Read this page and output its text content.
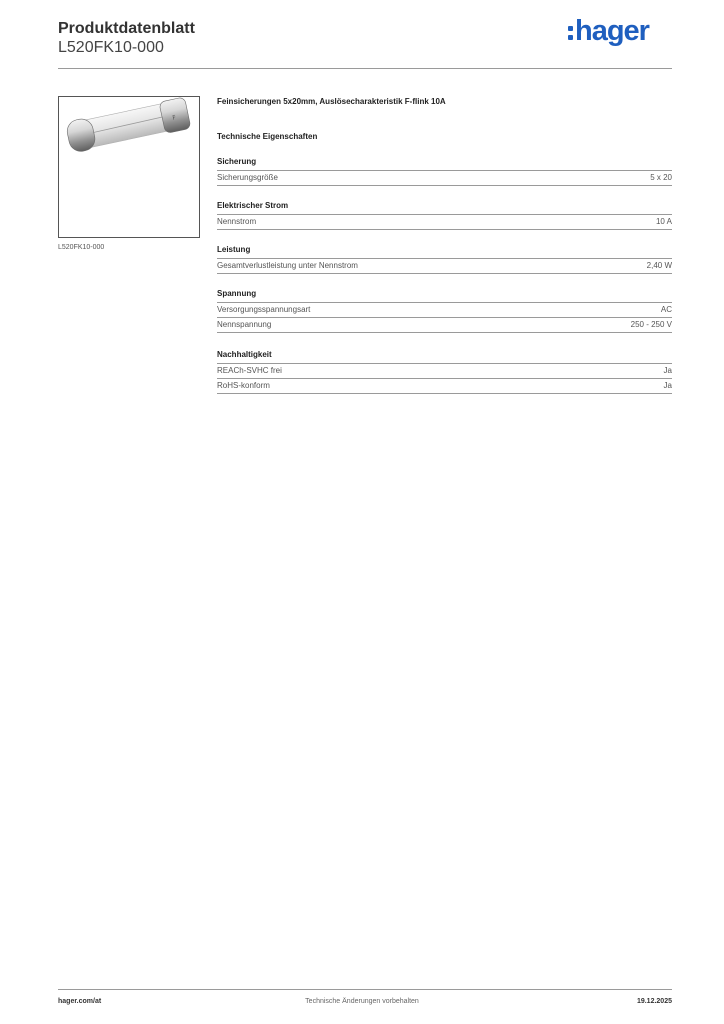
Produktdatenblatt
L520FK10-000
hager
F
L520FK10-000
Feinsicherungen 5x20mm, Auslösecharakteristik F-flink 10A
Technische Eigenschaften
Sicherung
Sicherungsgröße	5 x 20
Elektrischer Strom
Nennstrom	10 A
Leistung
Gesamtverlustleistung unter Nennstrom	2,40 W
Spannung
Versorgungsspannungsart	AC
Nennspannung	250 - 250 V
Nachhaltigkeit
REACh-SVHC frei	Ja
RoHS-konform	Ja
hager.com/at	Technische Änderungen vorbehalten	19.12.2025
